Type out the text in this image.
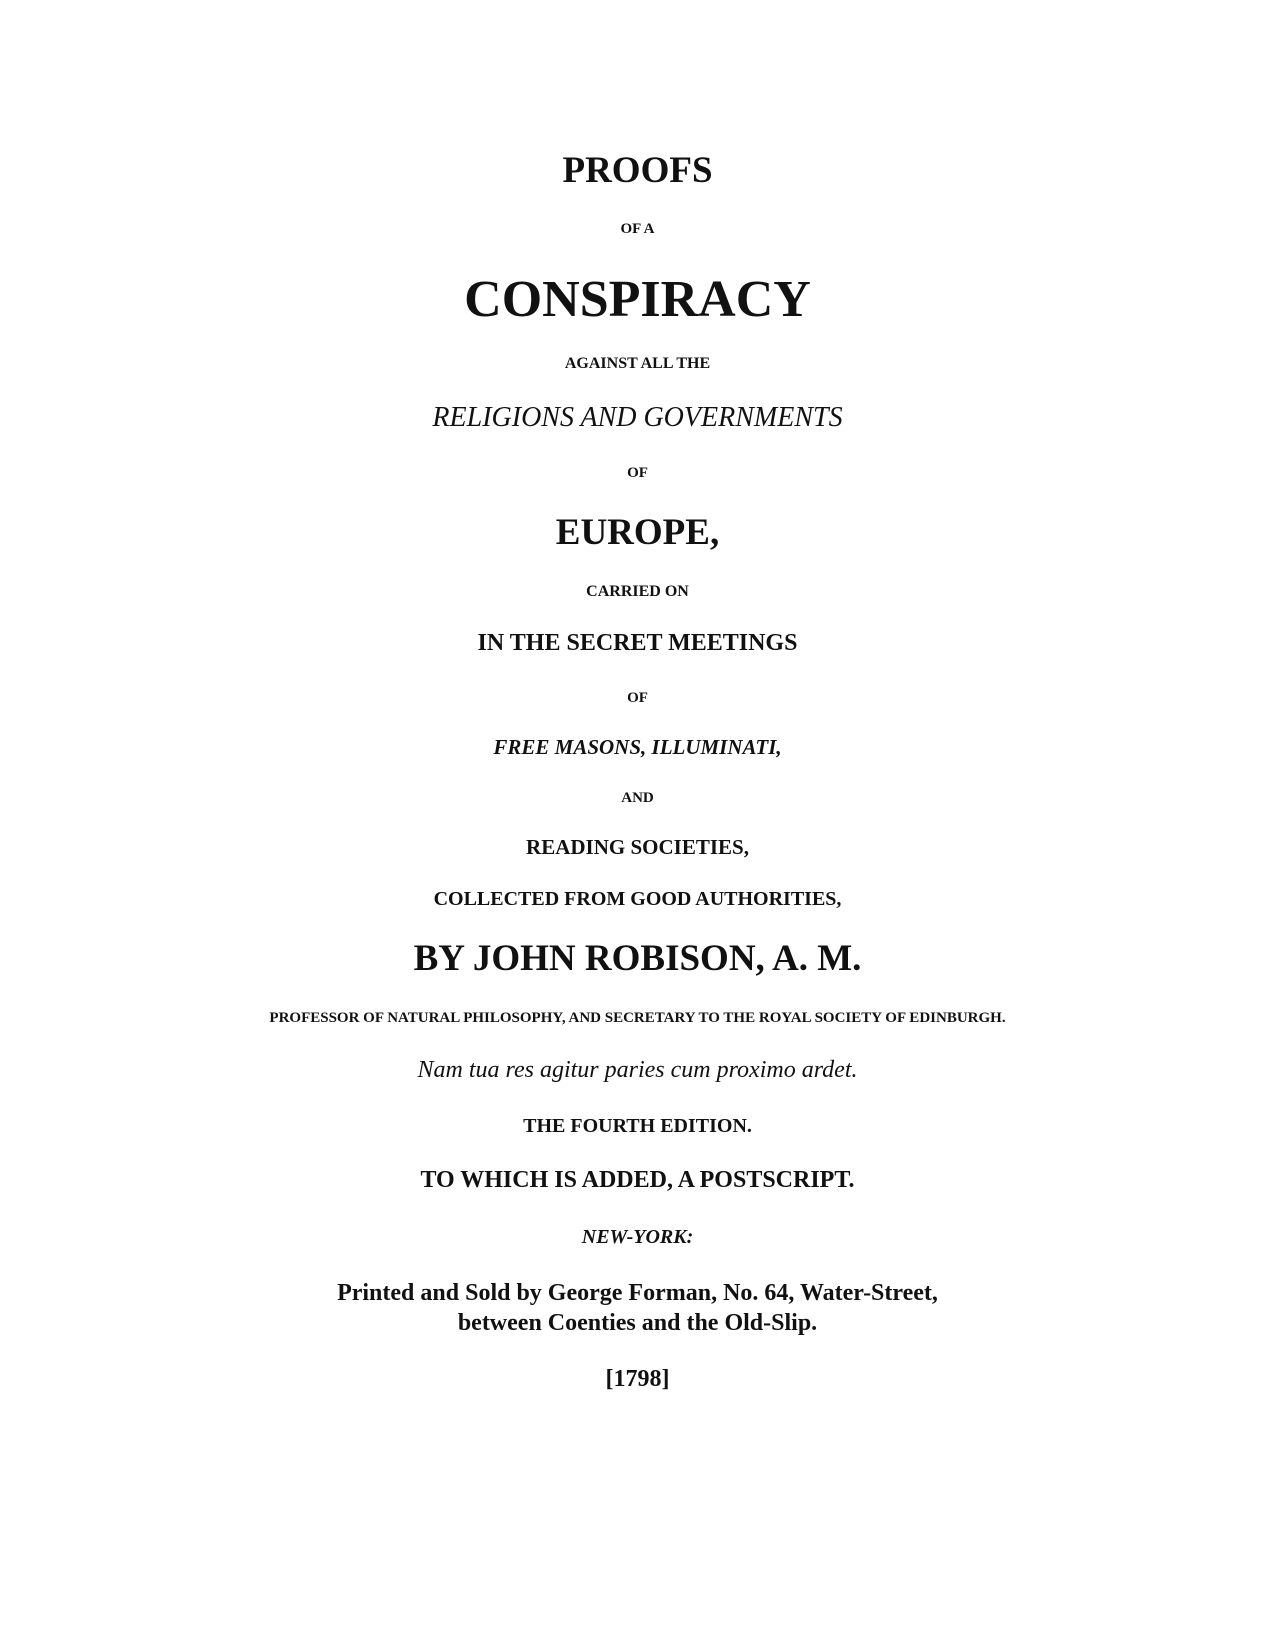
PROOFS
OF A
CONSPIRACY
AGAINST ALL THE
RELIGIONS AND GOVERNMENTS
OF
EUROPE,
CARRIED ON
IN THE SECRET MEETINGS
OF
FREE MASONS, ILLUMINATI,
AND
READING SOCIETIES,
COLLECTED FROM GOOD AUTHORITIES,
BY JOHN ROBISON, A. M.
PROFESSOR OF NATURAL PHILOSOPHY, AND SECRETARY TO THE ROYAL SOCIETY OF EDINBURGH.
Nam tua res agitur paries cum proximo ardet.
THE FOURTH EDITION.
TO WHICH IS ADDED, A POSTSCRIPT.
NEW-YORK:
Printed and Sold by George Forman, No. 64, Water-Street,
between Coenties and the Old-Slip.
[1798]
